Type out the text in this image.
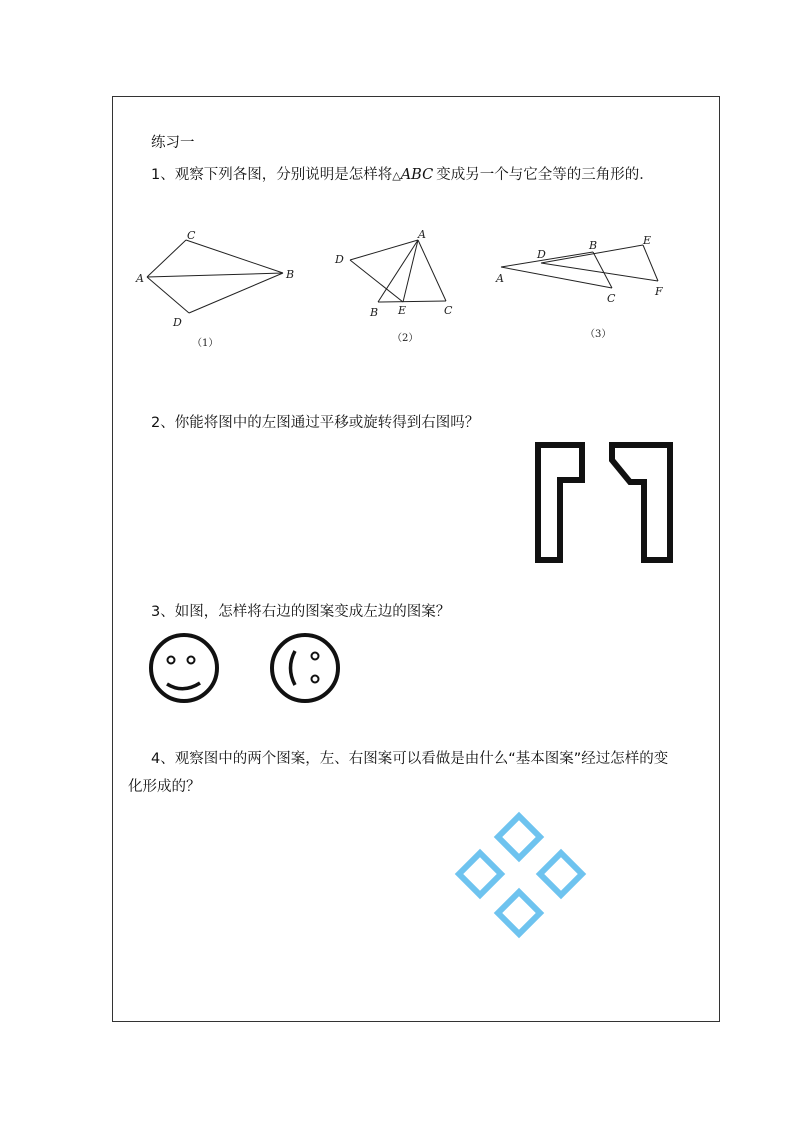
练习一
1、观察下列各图，分别说明是怎样将△ABC 变成另一个与它全等的三角形的．
A	B
C
D
（1）
A
B	C
D
E
（2）
A
B
C
D
E
F
（3）
2、你能将图中的左图通过平移或旋转得到右图吗？
3、如图，怎样将右边的图案变成左边的图案？
4、观察图中的两个图案，左、右图案可以看做是由什么“基本图案”经过怎样的变
化形成的？
